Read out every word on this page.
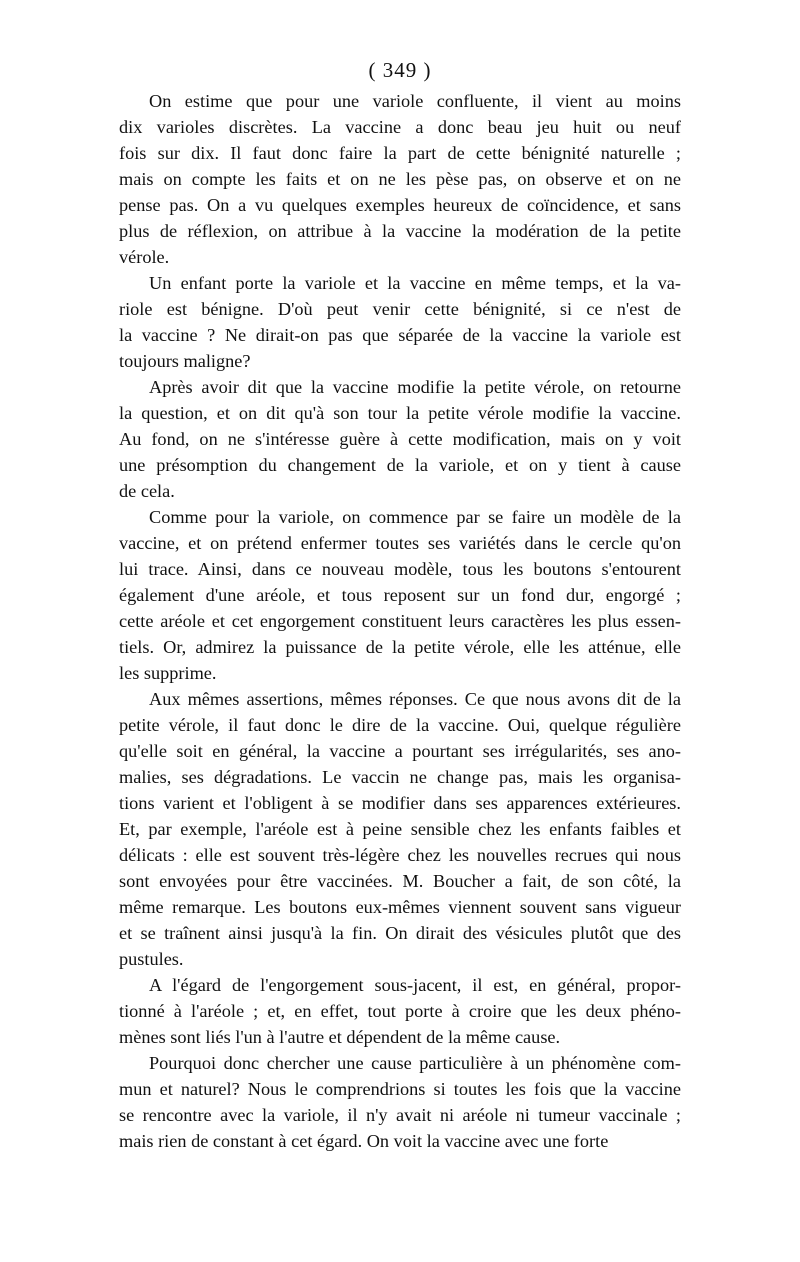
( 349 )
On estime que pour une variole confluente, il vient au moins
dix varioles discrètes. La vaccine a donc beau jeu huit ou neuf
fois sur dix. Il faut donc faire la part de cette bénignité naturelle ;
mais on compte les faits et on ne les pèse pas, on observe et on ne
pense pas. On a vu quelques exemples heureux de coïncidence, et sans
plus de réflexion, on attribue à la vaccine la modération de la petite
vérole.
Un enfant porte la variole et la vaccine en même temps, et la va-
riole est bénigne. D'où peut venir cette bénignité, si ce n'est de
la vaccine ? Ne dirait-on pas que séparée de la vaccine la variole est
toujours maligne?
Après avoir dit que la vaccine modifie la petite vérole, on retourne
la question, et on dit qu'à son tour la petite vérole modifie la vaccine.
Au fond, on ne s'intéresse guère à cette modification, mais on y voit
une présomption du changement de la variole, et on y tient à cause
de cela.
Comme pour la variole, on commence par se faire un modèle de la
vaccine, et on prétend enfermer toutes ses variétés dans le cercle qu'on
lui trace. Ainsi, dans ce nouveau modèle, tous les boutons s'entourent
également d'une aréole, et tous reposent sur un fond dur, engorgé ;
cette aréole et cet engorgement constituent leurs caractères les plus essen-
tiels. Or, admirez la puissance de la petite vérole, elle les atténue, elle
les supprime.
Aux mêmes assertions, mêmes réponses. Ce que nous avons dit de la
petite vérole, il faut donc le dire de la vaccine. Oui, quelque régulière
qu'elle soit en général, la vaccine a pourtant ses irrégularités, ses ano-
malies, ses dégradations. Le vaccin ne change pas, mais les organisa-
tions varient et l'obligent à se modifier dans ses apparences extérieures.
Et, par exemple, l'aréole est à peine sensible chez les enfants faibles et
délicats : elle est souvent très-légère chez les nouvelles recrues qui nous
sont envoyées pour être vaccinées. M. Boucher a fait, de son côté, la
même remarque. Les boutons eux-mêmes viennent souvent sans vigueur
et se traînent ainsi jusqu'à la fin. On dirait des vésicules plutôt que des
pustules.
A l'égard de l'engorgement sous-jacent, il est, en général, propor-
tionné à l'aréole ; et, en effet, tout porte à croire que les deux phéno-
mènes sont liés l'un à l'autre et dépendent de la même cause.
Pourquoi donc chercher une cause particulière à un phénomène com-
mun et naturel? Nous le comprendrions si toutes les fois que la vaccine
se rencontre avec la variole, il n'y avait ni aréole ni tumeur vaccinale ;
mais rien de constant à cet égard. On voit la vaccine avec une forte
